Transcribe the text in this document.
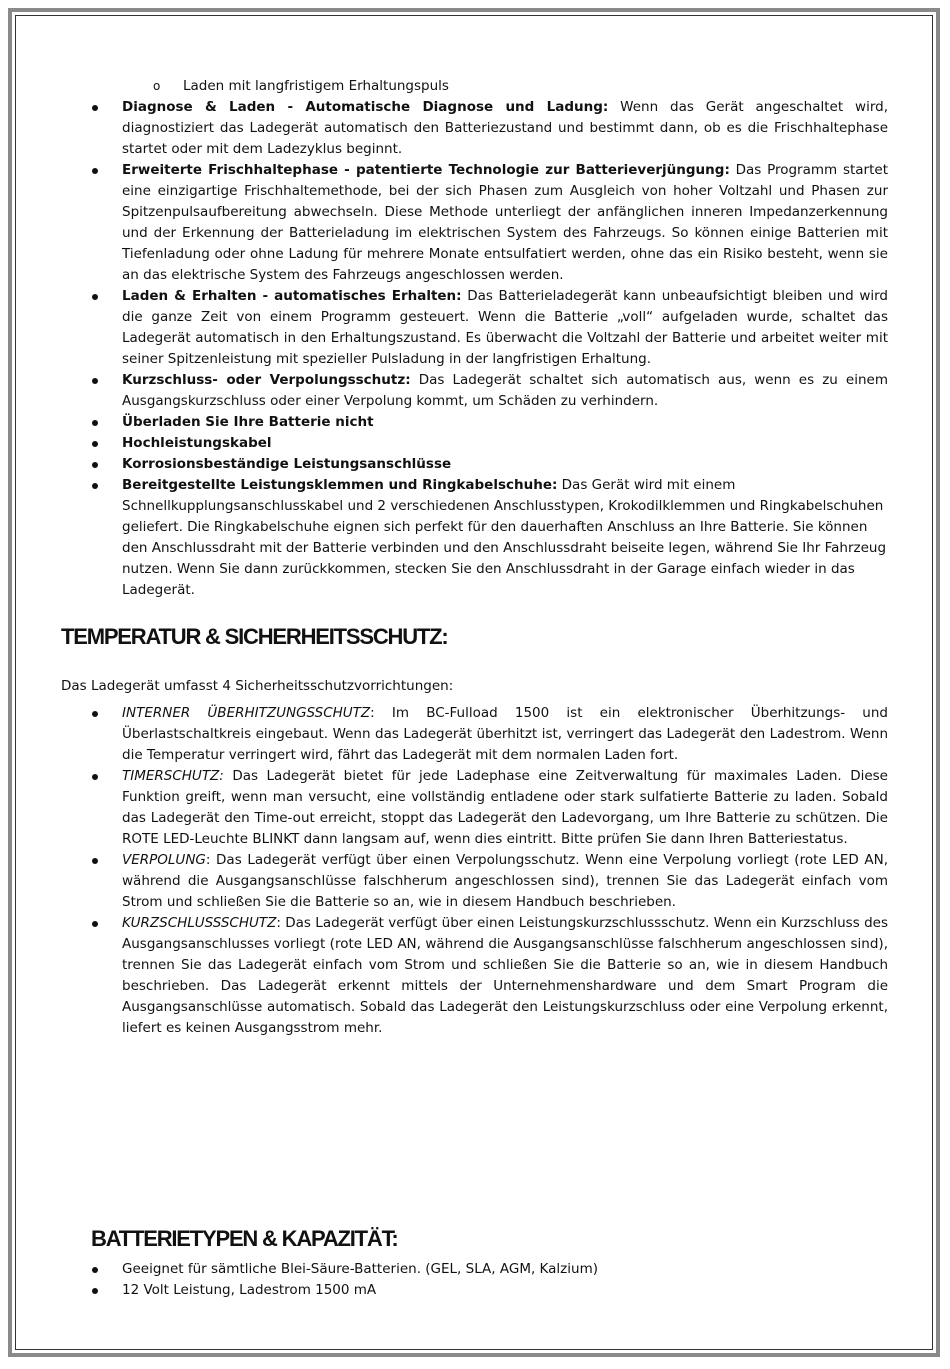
o Laden mit langfristigem Erhaltungspuls
Diagnose & Laden - Automatische Diagnose und Ladung: Wenn das Gerät angeschaltet wird, diagnostiziert das Ladegerät automatisch den Batteriezustand und bestimmt dann, ob es die Frischhaltephase startet oder mit dem Ladezyklus beginnt.
Erweiterte Frischhaltephase - patentierte Technologie zur Batterieverjüngung: Das Programm startet eine einzigartige Frischhaltemethode, bei der sich Phasen zum Ausgleich von hoher Voltzahl und Phasen zur Spitzenpulsaufbereitung abwechseln. Diese Methode unterliegt der anfänglichen inneren Impedanzerkennung und der Erkennung der Batterieladung im elektrischen System des Fahrzeugs. So können einige Batterien mit Tiefenladung oder ohne Ladung für mehrere Monate entsulfatiert werden, ohne das ein Risiko besteht, wenn sie an das elektrische System des Fahrzeugs angeschlossen werden.
Laden & Erhalten - automatisches Erhalten: Das Batterieladegerät kann unbeaufsichtigt bleiben und wird die ganze Zeit von einem Programm gesteuert. Wenn die Batterie „voll“ aufgeladen wurde, schaltet das Ladegerät automatisch in den Erhaltungszustand. Es überwacht die Voltzahl der Batterie und arbeitet weiter mit seiner Spitzenleistung mit spezieller Pulsladung in der langfristigen Erhaltung.
Kurzschluss- oder Verpolungsschutz: Das Ladegerät schaltet sich automatisch aus, wenn es zu einem Ausgangskurzschluss oder einer Verpolung kommt, um Schäden zu verhindern.
Überladen Sie Ihre Batterie nicht
Hochleistungskabel
Korrosionsbeständige Leistungsanschlüsse
Bereitgestellte Leistungsklemmen und Ringkabelschuhe: Das Gerät wird mit einem Schnellkupplungsanschlusskabel und 2 verschiedenen Anschlusstypen, Krokodilklemmen und Ringkabelschuhen geliefert. Die Ringkabelschuhe eignen sich perfekt für den dauerhaften Anschluss an Ihre Batterie. Sie können den Anschlussdraht mit der Batterie verbinden und den Anschlussdraht beiseite legen, während Sie Ihr Fahrzeug nutzen. Wenn Sie dann zurückkommen, stecken Sie den Anschlussdraht in der Garage einfach wieder in das Ladegerät.
TEMPERATUR & SICHERHEITSSCHUTZ:
Das Ladegerät umfasst 4 Sicherheitsschutzvorrichtungen:
INTERNER ÜBERHITZUNGSSCHUTZ: Im BC-Fulload 1500 ist ein elektronischer Überhitzungs- und Überlastschaltkreis eingebaut. Wenn das Ladegerät überhitzt ist, verringert das Ladegerät den Ladestrom. Wenn die Temperatur verringert wird, fährt das Ladegerät mit dem normalen Laden fort.
TIMERSCHUTZ: Das Ladegerät bietet für jede Ladephase eine Zeitverwaltung für maximales Laden. Diese Funktion greift, wenn man versucht, eine vollständig entladene oder stark sulfatierte Batterie zu laden. Sobald das Ladegerät den Time-out erreicht, stoppt das Ladegerät den Ladevorgang, um Ihre Batterie zu schützen. Die ROTE LED-Leuchte BLINKT dann langsam auf, wenn dies eintritt. Bitte prüfen Sie dann Ihren Batteriestatus.
VERPOLUNG: Das Ladegerät verfügt über einen Verpolungsschutz. Wenn eine Verpolung vorliegt (rote LED AN, während die Ausgangsanschlüsse falschherum angeschlossen sind), trennen Sie das Ladegerät einfach vom Strom und schließen Sie die Batterie so an, wie in diesem Handbuch beschrieben.
KURZSCHLUSSSCHUTZ: Das Ladegerät verfügt über einen Leistungskurzschlussschutz. Wenn ein Kurzschluss des Ausgangsanschlusses vorliegt (rote LED AN, während die Ausgangsanschlüsse falschherum angeschlossen sind), trennen Sie das Ladegerät einfach vom Strom und schließen Sie die Batterie so an, wie in diesem Handbuch beschrieben. Das Ladegerät erkennt mittels der Unternehmenshardware und dem Smart Program die Ausgangsanschlüsse automatisch. Sobald das Ladegerät den Leistungskurzschluss oder eine Verpolung erkennt, liefert es keinen Ausgangsstrom mehr.
BATTERIETYPEN & KAPAZITÄT:
Geeignet für sämtliche Blei-Säure-Batterien. (GEL, SLA, AGM, Kalzium)
12 Volt Leistung, Ladestrom 1500 mA
